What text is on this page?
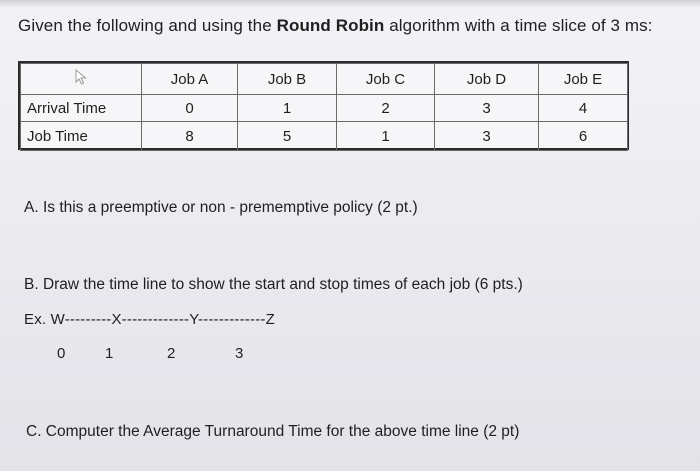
Given the following and using the Round Robin algorithm with a time slice of 3 ms:
	Job A	Job B	Job C	Job D	Job E
Arrival Time	0	1	2	3	4
Job Time	8	5	1	3	6
A. Is this a preemptive or non - prememptive policy (2 pt.)
B. Draw the time line to show the start and stop times of each job (6 pts.)
Ex. W---------X-------------Y-------------Z
0	1	2	3
C. Computer the Average Turnaround Time for the above time line (2 pt)
